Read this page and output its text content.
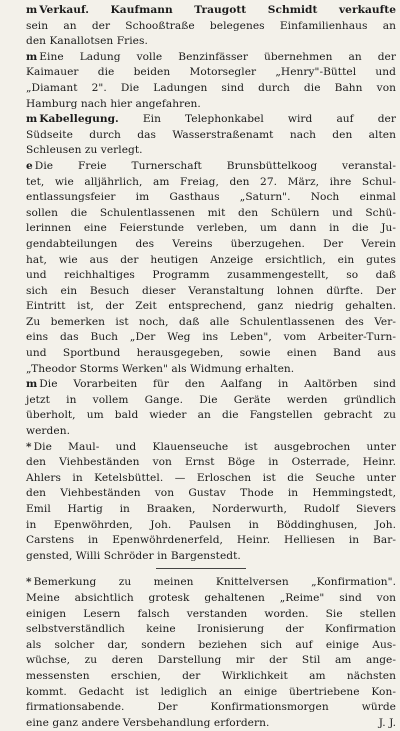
m Verkauf. Kaufmann Traugott Schmidt verkaufte
sein an der Schooßtraße belegenes Einfamilienhaus an
den Kanallotsen Fries.

m Eine Ladung volle Benzinfässer übernehmen an der
Kaimauer die beiden Motorsegler „Henry"-Büttel und
„Diamant 2". Die Ladungen sind durch die Bahn von
Hamburg nach hier angefahren.

m Kabellegung. Ein Telephonkabel wird auf der
Südseite durch das Wasserstraßenamt nach den alten
Schleusen zu verlegt.

e Die Freie Turnerschaft Brunsbüttelkoog veranstal-
tet, wie alljährlich, am Freiag, den 27. März, ihre Schul-
entlassungsfeier im Gasthaus „Saturn". Noch einmal
sollen die Schulentlassenen mit den Schülern und Schü-
lerinnen eine Feierstunde verleben, um dann in die Ju-
gendabteilungen des Vereins überzugehen. Der Verein
hat, wie aus der heutigen Anzeige ersichtlich, ein gutes
und reichhaltiges Programm zusammengestellt, so daß
sich ein Besuch dieser Veranstaltung lohnen dürfte. Der
Eintritt ist, der Zeit entsprechend, ganz niedrig gehalten.
Zu bemerken ist noch, daß alle Schulentlassenen des Ver-
eins das Buch „Der Weg ins Leben", vom Arbeiter-Turn-
und Sportbund herausgegeben, sowie einen Band aus
„Theodor Storms Werken" als Widmung erhalten.

m Die Vorarbeiten für den Aalfang in Aaltörben sind
jetzt in vollem Gange. Die Geräte werden gründlich
überholt, um bald wieder an die Fangstellen gebracht zu
werden.

* Die Maul- und Klauenseuche ist ausgebrochen unter
den Viehbeständen von Ernst Böge in Osterrade, Heinr.
Ahlers in Ketelsbüttel. — Erloschen ist die Seuche unter
den Viehbeständen von Gustav Thode in Hemmingstedt,
Emil Hartig in Braaken, Norderwurth, Rudolf Sievers
in Epenwöhrden, Joh. Paulsen in Böddinghusen, Joh.
Carstens in Epenwöhrdenerfeld, Heinr. Helliesen in Bar-
gensted, Willi Schröder in Bargenstedt.

* Bemerkung zu meinen Knittelversen „Konfirmation".
Meine absichtlich grotesk gehaltenen „Reime" sind von
einigen Lesern falsch verstanden worden. Sie stellen
selbstverständlich keine Ironisierung der Konfirmation
als solcher dar, sondern beziehen sich auf einige Aus-
wüchse, zu deren Darstellung mir der Stil am ange-
messensten erschien, der Wirklichkeit am nächsten
kommt. Gedacht ist lediglich an einige übertriebene Kon-
firmationsabende. Der Konfirmationsmorgen würde
eine ganz andere Versbehandlung erfordern.	J. J.
